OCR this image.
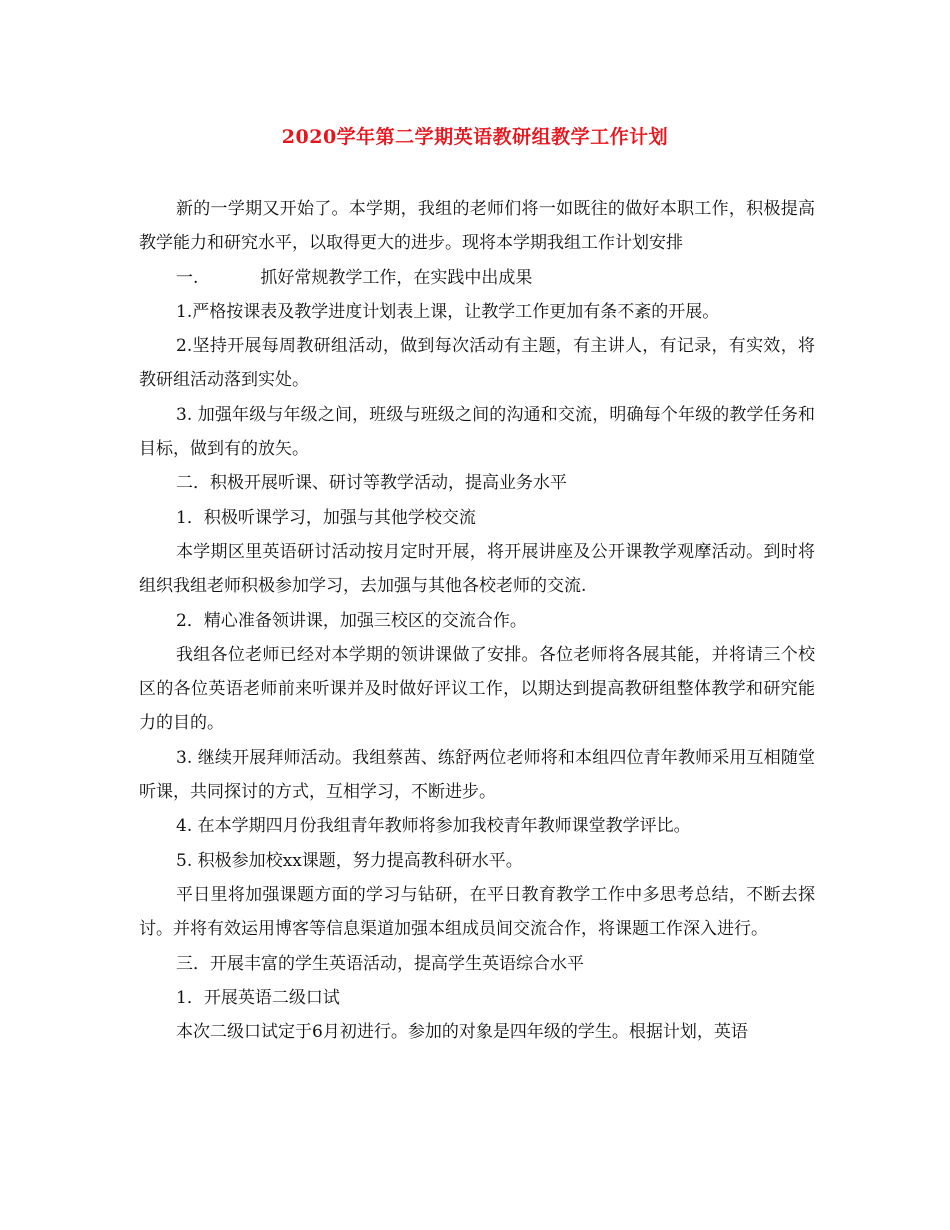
2020学年第二学期英语教研组教学工作计划

新的一学期又开始了。本学期，我组的老师们将一如既往的做好本职工作，积极提高教学能力和研究水平，以取得更大的进步。现将本学期我组工作计划安排

一.	抓好常规教学工作，在实践中出成果

1.严格按课表及教学进度计划表上课，让教学工作更加有条不紊的开展。

2.坚持开展每周教研组活动，做到每次活动有主题，有主讲人，有记录，有实效，将教研组活动落到实处。

3. 加强年级与年级之间，班级与班级之间的沟通和交流，明确每个年级的教学任务和目标，做到有的放矢。

二．积极开展听课、研讨等教学活动，提高业务水平

1．积极听课学习，加强与其他学校交流

本学期区里英语研讨活动按月定时开展，将开展讲座及公开课教学观摩活动。到时将组织我组老师积极参加学习，去加强与其他各校老师的交流.

2．精心准备领讲课，加强三校区的交流合作。

我组各位老师已经对本学期的领讲课做了安排。各位老师将各展其能，并将请三个校区的各位英语老师前来听课并及时做好评议工作，以期达到提高教研组整体教学和研究能力的目的。

3. 继续开展拜师活动。我组蔡茜、练舒两位老师将和本组四位青年教师采用互相随堂听课，共同探讨的方式，互相学习，不断进步。

4. 在本学期四月份我组青年教师将参加我校青年教师课堂教学评比。

5. 积极参加校xx课题，努力提高教科研水平。

平日里将加强课题方面的学习与钻研，在平日教育教学工作中多思考总结，不断去探讨。并将有效运用博客等信息渠道加强本组成员间交流合作，将课题工作深入进行。

三．开展丰富的学生英语活动，提高学生英语综合水平

1．开展英语二级口试

本次二级口试定于6月初进行。参加的对象是四年级的学生。根据计划，英语
